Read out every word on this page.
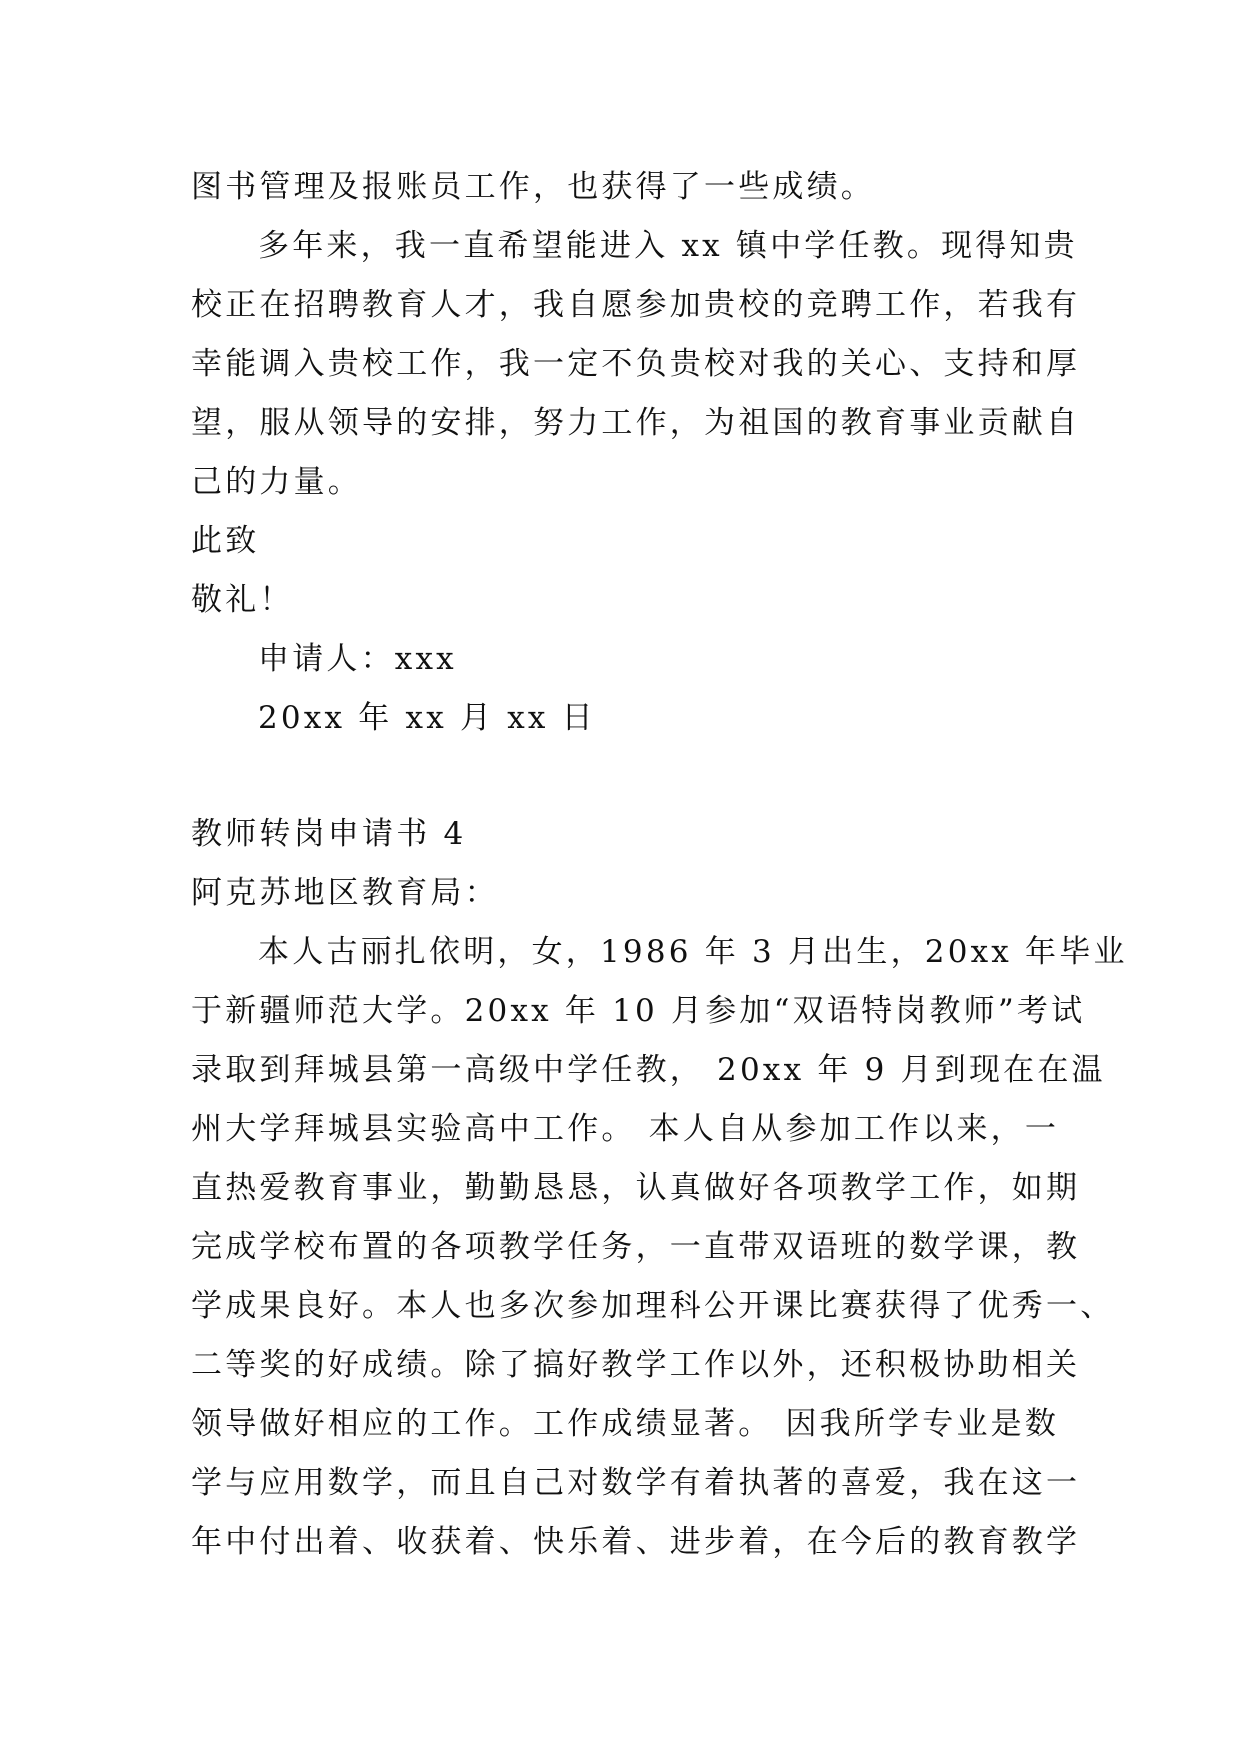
图书管理及报账员工作，也获得了一些成绩。
多年来，我一直希望能进入 xx 镇中学任教。现得知贵
校正在招聘教育人才，我自愿参加贵校的竞聘工作，若我有
幸能调入贵校工作，我一定不负贵校对我的关心、支持和厚
望，服从领导的安排，努力工作，为祖国的教育事业贡献自
己的力量。
此致
敬礼！
申请人：xxx
20xx 年 xx 月 xx 日
教师转岗申请书 4
阿克苏地区教育局：
本人古丽扎依明，女，1986 年 3 月出生，20xx 年毕业
于新疆师范大学。20xx 年 10 月参加“双语特岗教师”考试
录取到拜城县第一高级中学任教， 20xx 年 9 月到现在在温
州大学拜城县实验高中工作。 本人自从参加工作以来，一
直热爱教育事业，勤勤恳恳，认真做好各项教学工作，如期
完成学校布置的各项教学任务，一直带双语班的数学课，教
学成果良好。本人也多次参加理科公开课比赛获得了优秀一、
二等奖的好成绩。除了搞好教学工作以外，还积极协助相关
领导做好相应的工作。工作成绩显著。 因我所学专业是数
学与应用数学，而且自己对数学有着执著的喜爱，我在这一
年中付出着、收获着、快乐着、进步着，在今后的教育教学
